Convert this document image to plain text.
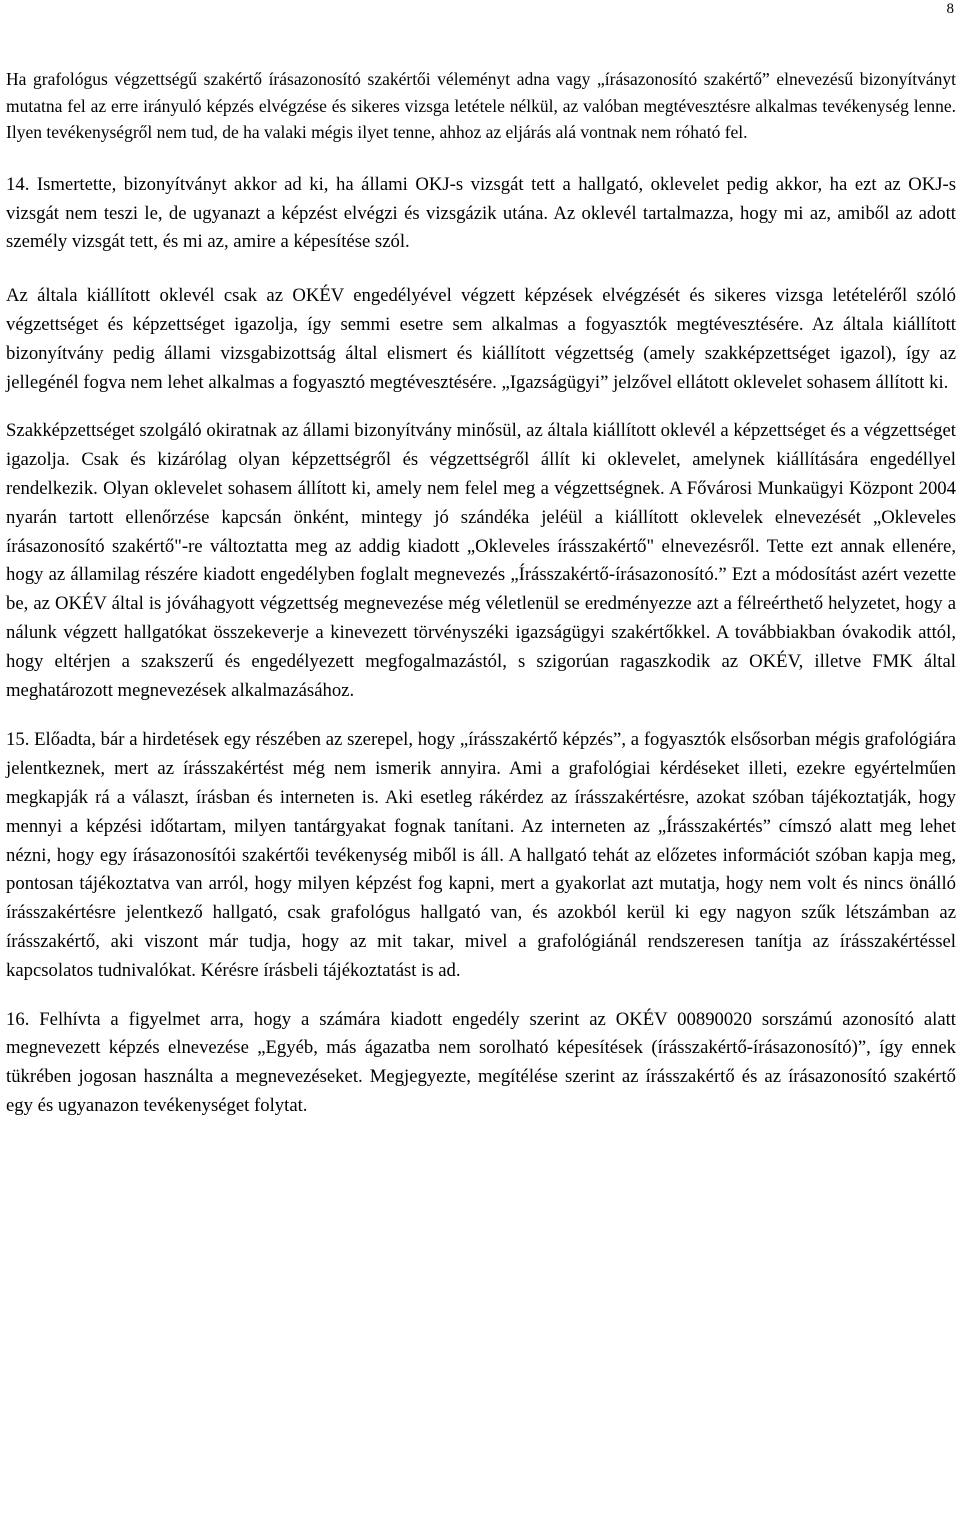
8

Ha grafológus végzettségű szakértő írásazonosító szakértői véleményt adna vagy „írásazonosító szakértő” elnevezésű bizonyítványt mutatna fel az erre irányuló képzés elvégzése és sikeres vizsga letétele nélkül, az valóban megtévesztésre alkalmas tevékenység lenne. Ilyen tevékenységről nem tud, de ha valaki mégis ilyet tenne, ahhoz az eljárás alá vontnak nem róható fel.

14. Ismertette, bizonyítványt akkor ad ki, ha állami OKJ-s vizsgát tett a hallgató, oklevelet pedig akkor, ha ezt az OKJ-s vizsgát nem teszi le, de ugyanazt a képzést elvégzi és vizsgázik utána. Az oklevél tartalmazza, hogy mi az, amiből az adott személy vizsgát tett, és mi az, amire a képesítése szól.

Az általa kiállított oklevél csak az OKÉV engedélyével végzett képzések elvégzését és sikeres vizsga letételéről szóló végzettséget és képzettséget igazolja, így semmi esetre sem alkalmas a fogyasztók megtévesztésére. Az általa kiállított bizonyítvány pedig állami vizsgabizottság által elismert és kiállított végzettség (amely szakképzettséget igazol), így az jellegénél fogva nem lehet alkalmas a fogyasztó megtévesztésére. „Igazságügyi” jelzővel ellátott oklevelet sohasem állított ki.

Szakképzettséget szolgáló okiratnak az állami bizonyítvány minősül, az általa kiállított oklevél a képzettséget és a végzettséget igazolja. Csak és kizárólag olyan képzettségről és végzettségről állít ki oklevelet, amelynek kiállítására engedéllyel rendelkezik. Olyan oklevelet sohasem állított ki, amely nem felel meg a végzettségnek. A Fővárosi Munkaügyi Központ 2004 nyarán tartott ellenőrzése kapcsán önként, mintegy jó szándéka jeléül a kiállított oklevelek elnevezését „Okleveles írásazonosító szakértő"-re változtatta meg az addig kiadott „Okleveles írásszakértő" elnevezésről. Tette ezt annak ellenére, hogy az államilag részére kiadott engedélyben foglalt megnevezés „Írásszakértő-írásazonosító.” Ezt a módosítást azért vezette be, az OKÉV által is jóváhagyott végzettség megnevezése még véletlenül se eredményezze azt a félreérthető helyzetet, hogy a nálunk végzett hallgatókat összekeverje a kinevezett törvényszéki igazságügyi szakértőkkel. A továbbiakban óvakodik attól, hogy eltérjen a szakszerű és engedélyezett megfogalmazástól, s szigorúan ragaszkodik az OKÉV, illetve FMK által meghatározott megnevezések alkalmazásához.

15. Előadta, bár a hirdetések egy részében az szerepel, hogy „írásszakértő képzés”, a fogyasztók elsősorban mégis grafológiára jelentkeznek, mert az írásszakértést még nem ismerik annyira. Ami a grafológiai kérdéseket illeti, ezekre egyértelműen megkapják rá a választ, írásban és interneten is. Aki esetleg rákérdez az írásszakértésre, azokat szóban tájékoztatják, hogy mennyi a képzési időtartam, milyen tantárgyakat fognak tanítani. Az interneten az „Írásszakértés” címszó alatt meg lehet nézni, hogy egy írásazonosítói szakértői tevékenység miből is áll. A hallgató tehát az előzetes információt szóban kapja meg, pontosan tájékoztatva van arról, hogy milyen képzést fog kapni, mert a gyakorlat azt mutatja, hogy nem volt és nincs önálló írásszakértésre jelentkező hallgató, csak grafológus hallgató van, és azokból kerül ki egy nagyon szűk létszámban az írásszakértő, aki viszont már tudja, hogy az mit takar, mivel a grafológiánál rendszeresen tanítja az írásszakértéssel kapcsolatos tudnivalókat. Kérésre írásbeli tájékoztatást is ad.

16. Felhívta a figyelmet arra, hogy a számára kiadott engedély szerint az OKÉV 00890020 sorszámú azonosító alatt megnevezett képzés elnevezése „Egyéb, más ágazatba nem sorolható képesítések (írásszakértő-írásazonosító)”, így ennek tükrében jogosan használta a megnevezéseket. Megjegyezte, megítélése szerint az írásszakértő és az írásazonosító szakértő egy és ugyanazon tevékenységet folytat.
